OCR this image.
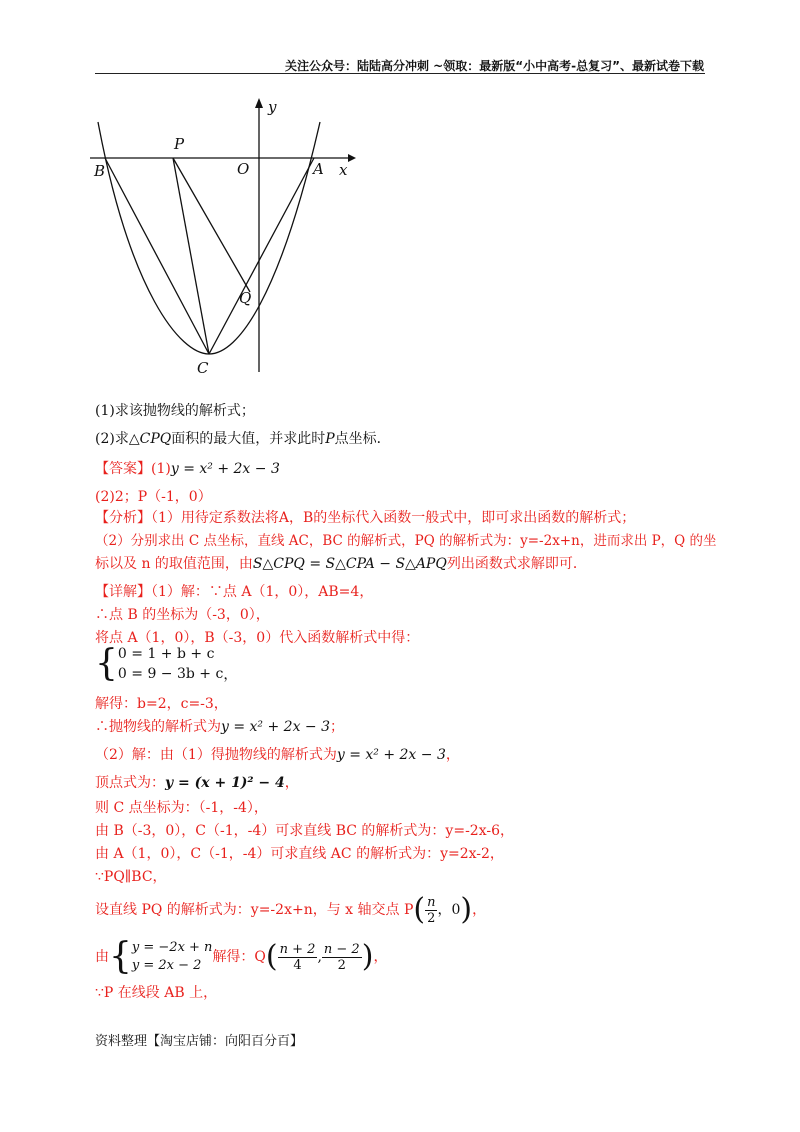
关注公众号：陆陆高分冲刺 ~领取：最新版“小中高考-总复习”、最新试卷下载
y
x
P
O
B	A
Q
C
(1)求该抛物线的解析式；
(2)求△CPQ面积的最大值，并求此时P点坐标．
【答案】(1)y = x² + 2x − 3
(2)2；P（-1，0）
【分析】（1）用待定系数法将A，B的坐标代入函数一般式中，即可求出函数的解析式；
（2）分别求出 C 点坐标，直线 AC，BC 的解析式，PQ 的解析式为：y=-2x+n，进而求出 P，Q 的坐
标以及 n 的取值范围，由S△CPQ = S△CPA − S△APQ列出函数式求解即可．
【详解】（1）解：∵点 A（1，0），AB=4，
∴点 B 的坐标为（-3，0），
将点 A（1，0），B（-3，0）代入函数解析式中得：
{ 0 = 1 + b + c
0 = 9 − 3b + c ，
解得：b=2，c=-3，
∴抛物线的解析式为y = x² + 2x − 3；
（2）解：由（1）得抛物线的解析式为y = x² + 2x − 3，
顶点式为：y = (x + 1)² − 4，
则 C 点坐标为：（-1，-4），
由 B（-3，0），C（-1，-4）可求直线 BC 的解析式为：y=-2x-6，
由 A（1，0），C（-1，-4）可求直线 AC 的解析式为：y=2x-2，
∵PQ∥BC，
设直线 PQ 的解析式为：y=-2x+n，与 x 轴交点 $P( \frac{n}{2}$ ，0)，
由{ y = −2x + n
y = 2x − 2
解得：$Q( \frac{n + 2}{4}$ , $\frac{n - 2}{2}$ )，
∵P 在线段 AB 上，
资料整理【淘宝店铺：向阳百分百】
